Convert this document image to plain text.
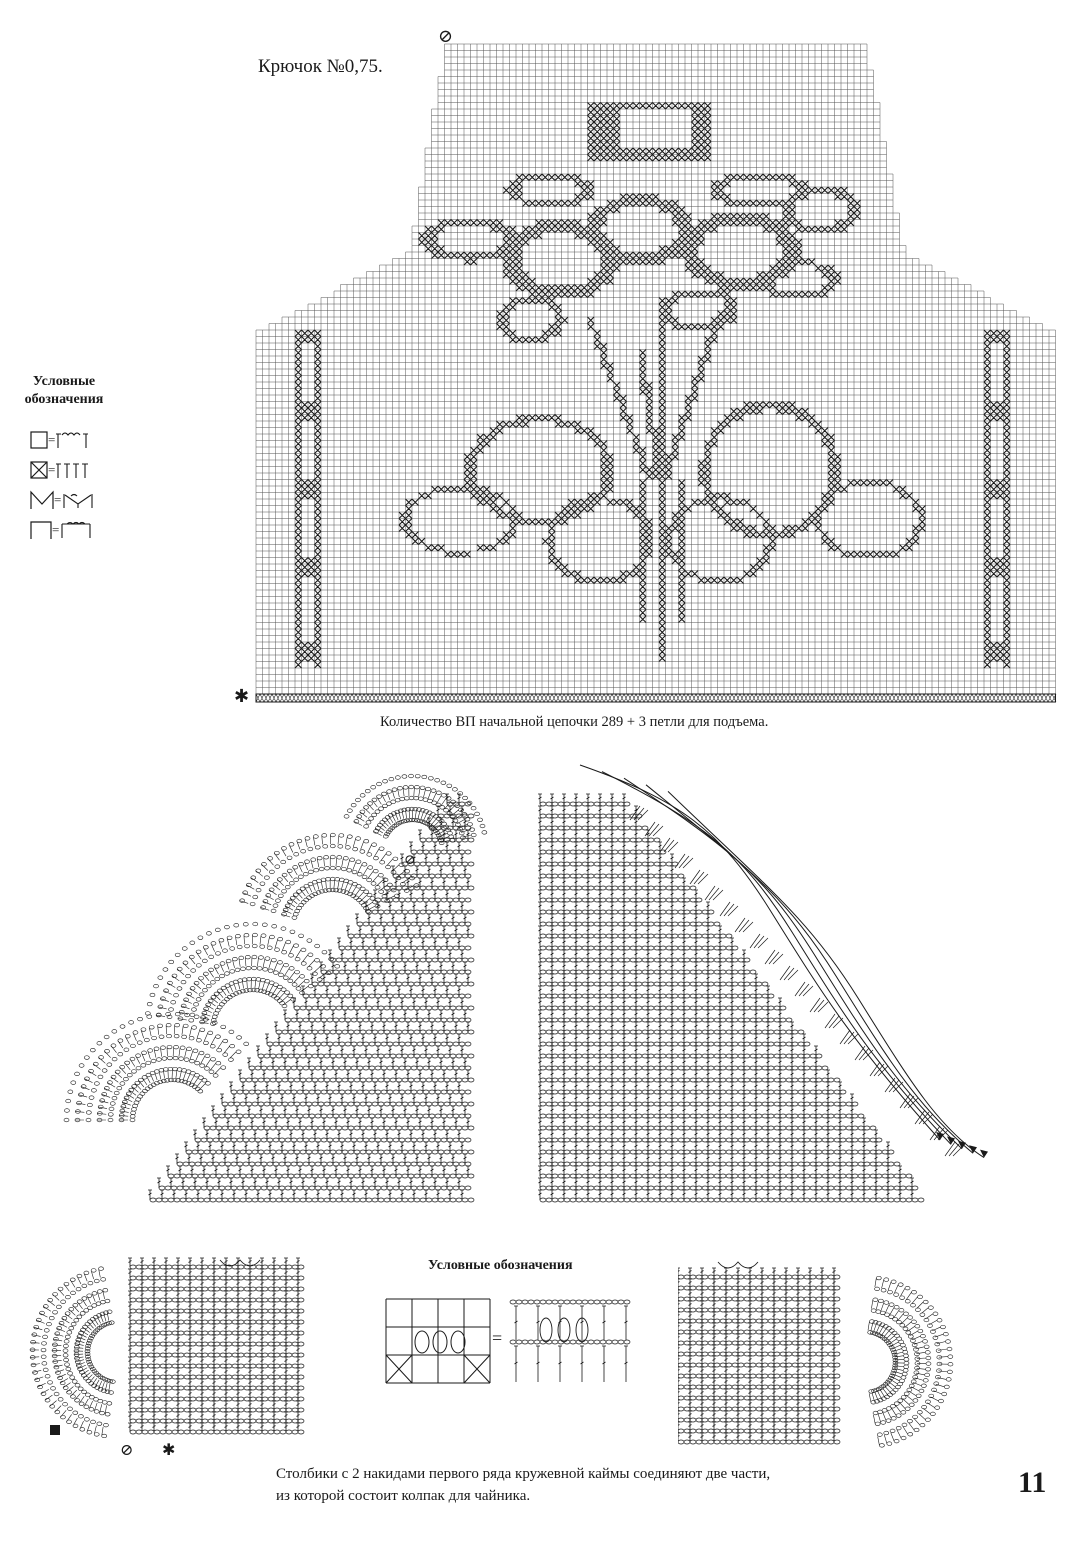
Крючок №0,75.
Условные обозначения
=
=
=
=
⊘
✱
Количество ВП начальной цепочки 289 + 3 петли для подъема.
⊘
⊘ ✱
Условные обозначения
=
Столбики с 2 накидами первого ряда кружевной каймы соединяют две части, из которой состоит колпак для чайника.	11
